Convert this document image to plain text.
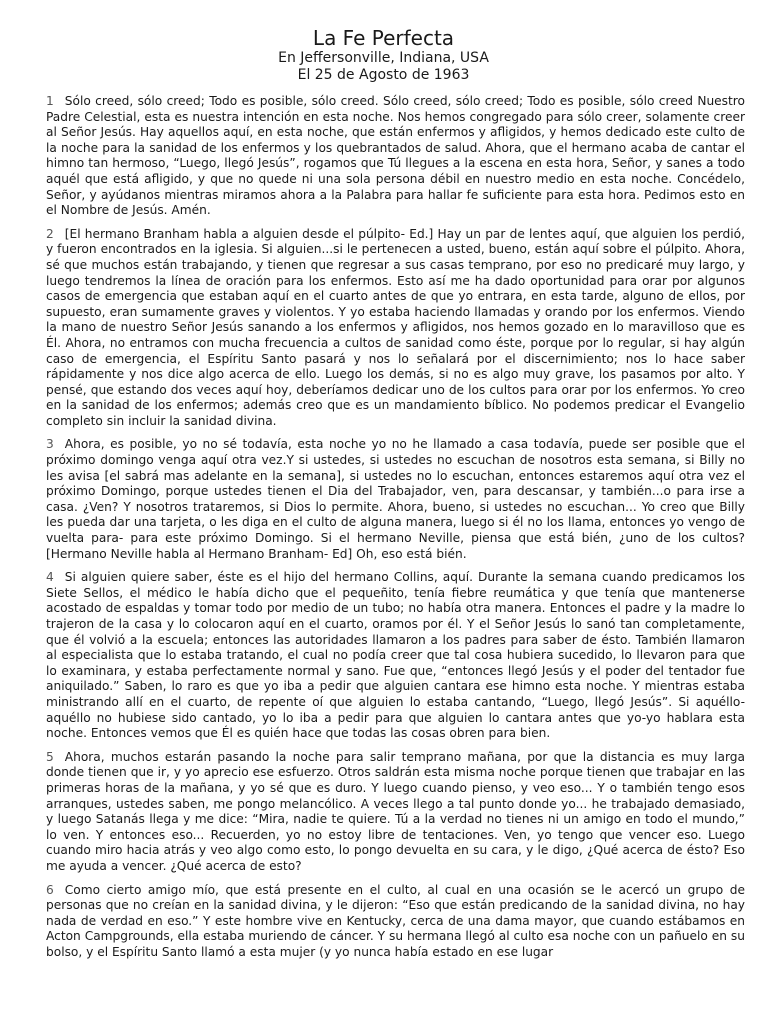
La Fe Perfecta
En Jeffersonville, Indiana, USA
El 25 de Agosto de 1963

1 Sólo creed, sólo creed; Todo es posible, sólo creed. Sólo creed, sólo creed; Todo es posible, sólo creed Nuestro Padre Celestial, esta es nuestra intención en esta noche. Nos hemos congregado para sólo creer, solamente creer al Señor Jesús. Hay aquellos aquí, en esta noche, que están enfermos y afligidos, y hemos dedicado este culto de la noche para la sanidad de los enfermos y los quebrantados de salud. Ahora, que el hermano acaba de cantar el himno tan hermoso, “Luego, llegó Jesús”, rogamos que Tú llegues a la escena en esta hora, Señor, y sanes a todo aquél que está afligido, y que no quede ni una sola persona débil en nuestro medio en esta noche. Concédelo, Señor, y ayúdanos mientras miramos ahora a la Palabra para hallar fe suficiente para esta hora. Pedimos esto en el Nombre de Jesús. Amén.

2 [El hermano Branham habla a alguien desde el púlpito- Ed.] Hay un par de lentes aquí, que alguien los perdió, y fueron encontrados en la iglesia. Si alguien...si le pertenecen a usted, bueno, están aquí sobre el púlpito. Ahora, sé que muchos están trabajando, y tienen que regresar a sus casas temprano, por eso no predicaré muy largo, y luego tendremos la línea de oración para los enfermos. Esto así me ha dado oportunidad para orar por algunos casos de emergencia que estaban aquí en el cuarto antes de que yo entrara, en esta tarde, alguno de ellos, por supuesto, eran sumamente graves y violentos. Y yo estaba haciendo llamadas y orando por los enfermos. Viendo la mano de nuestro Señor Jesús sanando a los enfermos y afligidos, nos hemos gozado en lo maravilloso que es Él. Ahora, no entramos con mucha frecuencia a cultos de sanidad como éste, porque por lo regular, si hay algún caso de emergencia, el Espíritu Santo pasará y nos lo señalará por el discernimiento; nos lo hace saber rápidamente y nos dice algo acerca de ello. Luego los demás, si no es algo muy grave, los pasamos por alto. Y pensé, que estando dos veces aquí hoy, deberíamos dedicar uno de los cultos para orar por los enfermos. Yo creo en la sanidad de los enfermos; además creo que es un mandamiento bíblico. No podemos predicar el Evangelio completo sin incluir la sanidad divina.

3 Ahora, es posible, yo no sé todavía, esta noche yo no he llamado a casa todavía, puede ser posible que el próximo domingo venga aquí otra vez.Y si ustedes, si ustedes no escuchan de nosotros esta semana, si Billy no les avisa [el sabrá mas adelante en la semana], si ustedes no lo escuchan, entonces estaremos aquí otra vez el próximo Domingo, porque ustedes tienen el Dia del Trabajador, ven, para descansar, y también...o para irse a casa. ¿Ven? Y nosotros trataremos, si Dios lo permite. Ahora, bueno, si ustedes no escuchan... Yo creo que Billy les pueda dar una tarjeta, o les diga en el culto de alguna manera, luego si él no los llama, entonces yo vengo de vuelta para- para este próximo Domingo. Si el hermano Neville, piensa que está bién, ¿uno de los cultos? [Hermano Neville habla al Hermano Branham- Ed] Oh, eso está bién.

4 Si alguien quiere saber, éste es el hijo del hermano Collins, aquí. Durante la semana cuando predicamos los Siete Sellos, el médico le había dicho que el pequeñito, tenía fiebre reumática y que tenía que mantenerse acostado de espaldas y tomar todo por medio de un tubo; no había otra manera. Entonces el padre y la madre lo trajeron de la casa y lo colocaron aquí en el cuarto, oramos por él. Y el Señor Jesús lo sanó tan completamente, que él volvió a la escuela; entonces las autoridades llamaron a los padres para saber de ésto. También llamaron al especialista que lo estaba tratando, el cual no podía creer que tal cosa hubiera sucedido, lo llevaron para que lo examinara, y estaba perfectamente normal y sano. Fue que, “entonces llegó Jesús y el poder del tentador fue aniquilado.” Saben, lo raro es que yo iba a pedir que alguien cantara ese himno esta noche. Y mientras estaba ministrando allí en el cuarto, de repente oí que alguien lo estaba cantando, “Luego, llegó Jesús”. Si aquéllo-aquéllo no hubiese sido cantado, yo lo iba a pedir para que alguien lo cantara antes que yo-yo hablara esta noche. Entonces vemos que Él es quién hace que todas las cosas obren para bien.

5 Ahora, muchos estarán pasando la noche para salir temprano mañana, por que la distancia es muy larga donde tienen que ir, y yo aprecio ese esfuerzo. Otros saldrán esta misma noche porque tienen que trabajar en las primeras horas de la mañana, y yo sé que es duro. Y luego cuando pienso, y veo eso... Y o también tengo esos arranques, ustedes saben, me pongo melancólico. A veces llego a tal punto donde yo... he trabajado demasiado, y luego Satanás llega y me dice: “Mira, nadie te quiere. Tú a la verdad no tienes ni un amigo en todo el mundo,” lo ven. Y entonces eso... Recuerden, yo no estoy libre de tentaciones. Ven, yo tengo que vencer eso. Luego cuando miro hacia atrás y veo algo como esto, lo pongo devuelta en su cara, y le digo, ¿Qué acerca de ésto? Eso me ayuda a vencer. ¿Qué acerca de esto?

6 Como cierto amigo mío, que está presente en el culto, al cual en una ocasión se le acercó un grupo de personas que no creían en la sanidad divina, y le dijeron: “Eso que están predicando de la sanidad divina, no hay nada de verdad en eso.” Y este hombre vive en Kentucky, cerca de una dama mayor, que cuando estábamos en Acton Campgrounds, ella estaba muriendo de cáncer. Y su hermana llegó al culto esa noche con un pañuelo en su bolso, y el Espíritu Santo llamó a esta mujer (y yo nunca había estado en ese lugar
